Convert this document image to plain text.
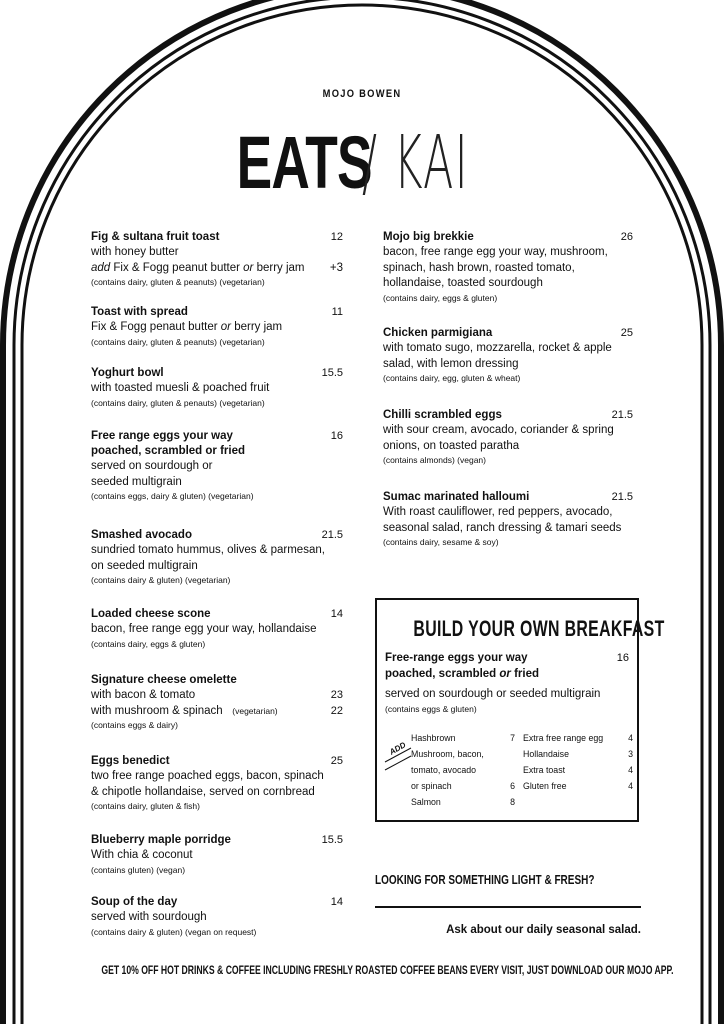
MOJO BOWEN
EATS / KAI
Fig & sultana fruit toast	12
with honey butter
add Fix & Fogg peanut butter or berry jam +3
(contains dairy, gluten & peanuts) (vegetarian)
Toast with spread	11
Fix & Fogg penaut butter or berry jam
(contains dairy, gluten & peanuts) (vegetarian)
Yoghurt bowl	15.5
with toasted muesli & poached fruit
(contains dairy, gluten & penauts) (vegetarian)
Free range eggs your way	16
poached, scrambled or fried
served on sourdough or
seeded multigrain
(contains eggs, dairy & gluten) (vegetarian)
Smashed avocado	21.5
sundried tomato hummus, olives & parmesan,
on seeded multigrain
(contains dairy & gluten) (vegetarian)
Loaded cheese scone	14
bacon, free range egg your way, hollandaise
(contains dairy, eggs & gluten)
Signature cheese omelette
with bacon & tomato	23
with mushroom & spinach (vegetarian)	22
(contains eggs & dairy)
Eggs benedict	25
two free range poached eggs, bacon, spinach
& chipotle hollandaise, served on cornbread
(contains dairy, gluten & fish)
Blueberry maple porridge	15.5
With chia & coconut
(contains gluten) (vegan)
Soup of the day	14
served with sourdough
(contains dairy & gluten) (vegan on request)
Mojo big brekkie	26
bacon, free range egg your way, mushroom,
spinach, hash brown, roasted tomato,
hollandaise, toasted sourdough
(contains dairy, eggs & gluten)
Chicken parmigiana	25
with tomato sugo, mozzarella, rocket & apple
salad, with lemon dressing
(contains dairy, egg, gluten & wheat)
Chilli scrambled eggs	21.5
with sour cream, avocado, coriander & spring
onions, on toasted paratha
(contains almonds) (vegan)
Sumac marinated halloumi	21.5
With roast cauliflower, red peppers, avocado,
seasonal salad, ranch dressing & tamari seeds
(contains dairy, sesame & soy)
BUILD YOUR OWN BREAKFAST
Free-range eggs your way	16
poached, scrambled or fried
served on sourdough or seeded multigrain
(contains eggs & gluten)
ADD
Hashbrown	7
Mushroom, bacon,
tomato, avocado
or spinach	6
Salmon	8
Extra free range egg	4
Hollandaise	3
Extra toast	4
Gluten free	4
LOOKING FOR SOMETHING LIGHT & FRESH?
Ask about our daily seasonal salad.
GET 10% OFF HOT DRINKS & COFFEE INCLUDING FRESHLY ROASTED COFFEE BEANS EVERY VISIT, JUST DOWNLOAD OUR MOJO APP.
